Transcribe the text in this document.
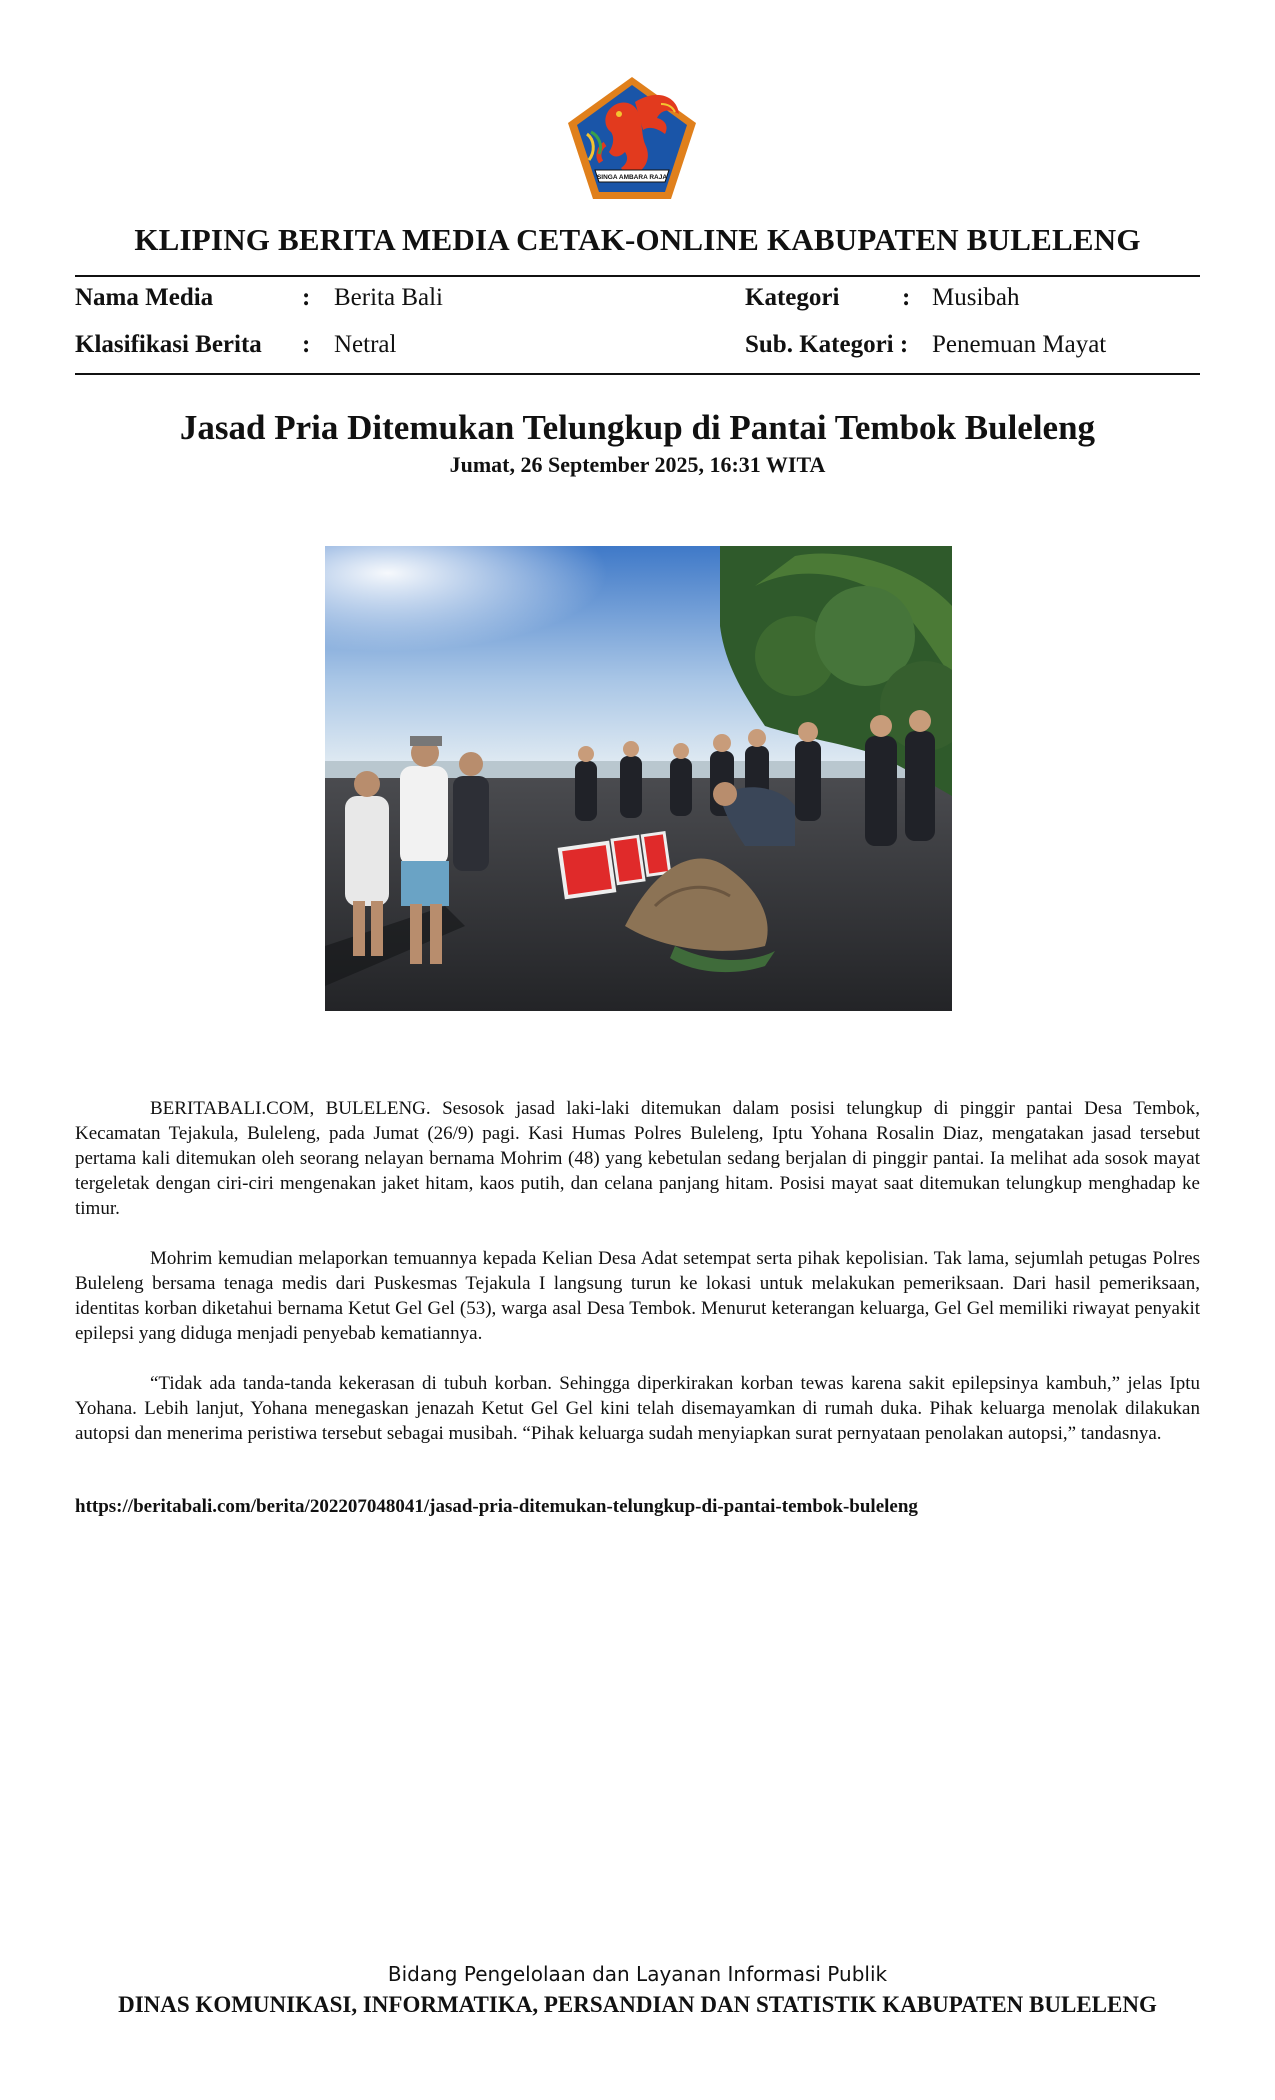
SINGA AMBARA RAJA
KLIPING BERITA MEDIA CETAK-ONLINE KABUPATEN BULELENG
Nama Media	: Berita Bali
Klasifikasi Berita : Netral
Kategori	: Musibah
Sub. Kategori : Penemuan Mayat
Jasad Pria Ditemukan Telungkup di Pantai Tembok Buleleng
Jumat, 26 September 2025, 16:31 WITA

BERITABALI.COM, BULELENG. Sesosok jasad laki-laki ditemukan dalam posisi telungkup di pinggir pantai Desa Tembok, Kecamatan Tejakula, Buleleng, pada Jumat (26/9) pagi. Kasi Humas Polres Buleleng, Iptu Yohana Rosalin Diaz, mengatakan jasad tersebut pertama kali ditemukan oleh seorang nelayan bernama Mohrim (48) yang kebetulan sedang berjalan di pinggir pantai. Ia melihat ada sosok mayat tergeletak dengan ciri-ciri mengenakan jaket hitam, kaos putih, dan celana panjang hitam. Posisi mayat saat ditemukan telungkup menghadap ke timur.

Mohrim kemudian melaporkan temuannya kepada Kelian Desa Adat setempat serta pihak kepolisian. Tak lama, sejumlah petugas Polres Buleleng bersama tenaga medis dari Puskesmas Tejakula I langsung turun ke lokasi untuk melakukan pemeriksaan. Dari hasil pemeriksaan, identitas korban diketahui bernama Ketut Gel Gel (53), warga asal Desa Tembok. Menurut keterangan keluarga, Gel Gel memiliki riwayat penyakit epilepsi yang diduga menjadi penyebab kematiannya.

“Tidak ada tanda-tanda kekerasan di tubuh korban. Sehingga diperkirakan korban tewas karena sakit epilepsinya kambuh,” jelas Iptu Yohana. Lebih lanjut, Yohana menegaskan jenazah Ketut Gel Gel kini telah disemayamkan di rumah duka. Pihak keluarga menolak dilakukan autopsi dan menerima peristiwa tersebut sebagai musibah. “Pihak keluarga sudah menyiapkan surat pernyataan penolakan autopsi,” tandasnya.

https://beritabali.com/berita/202207048041/jasad-pria-ditemukan-telungkup-di-pantai-tembok-buleleng
Bidang Pengelolaan dan Layanan Informasi Publik
DINAS KOMUNIKASI, INFORMATIKA, PERSANDIAN DAN STATISTIK KABUPATEN BULELENG
